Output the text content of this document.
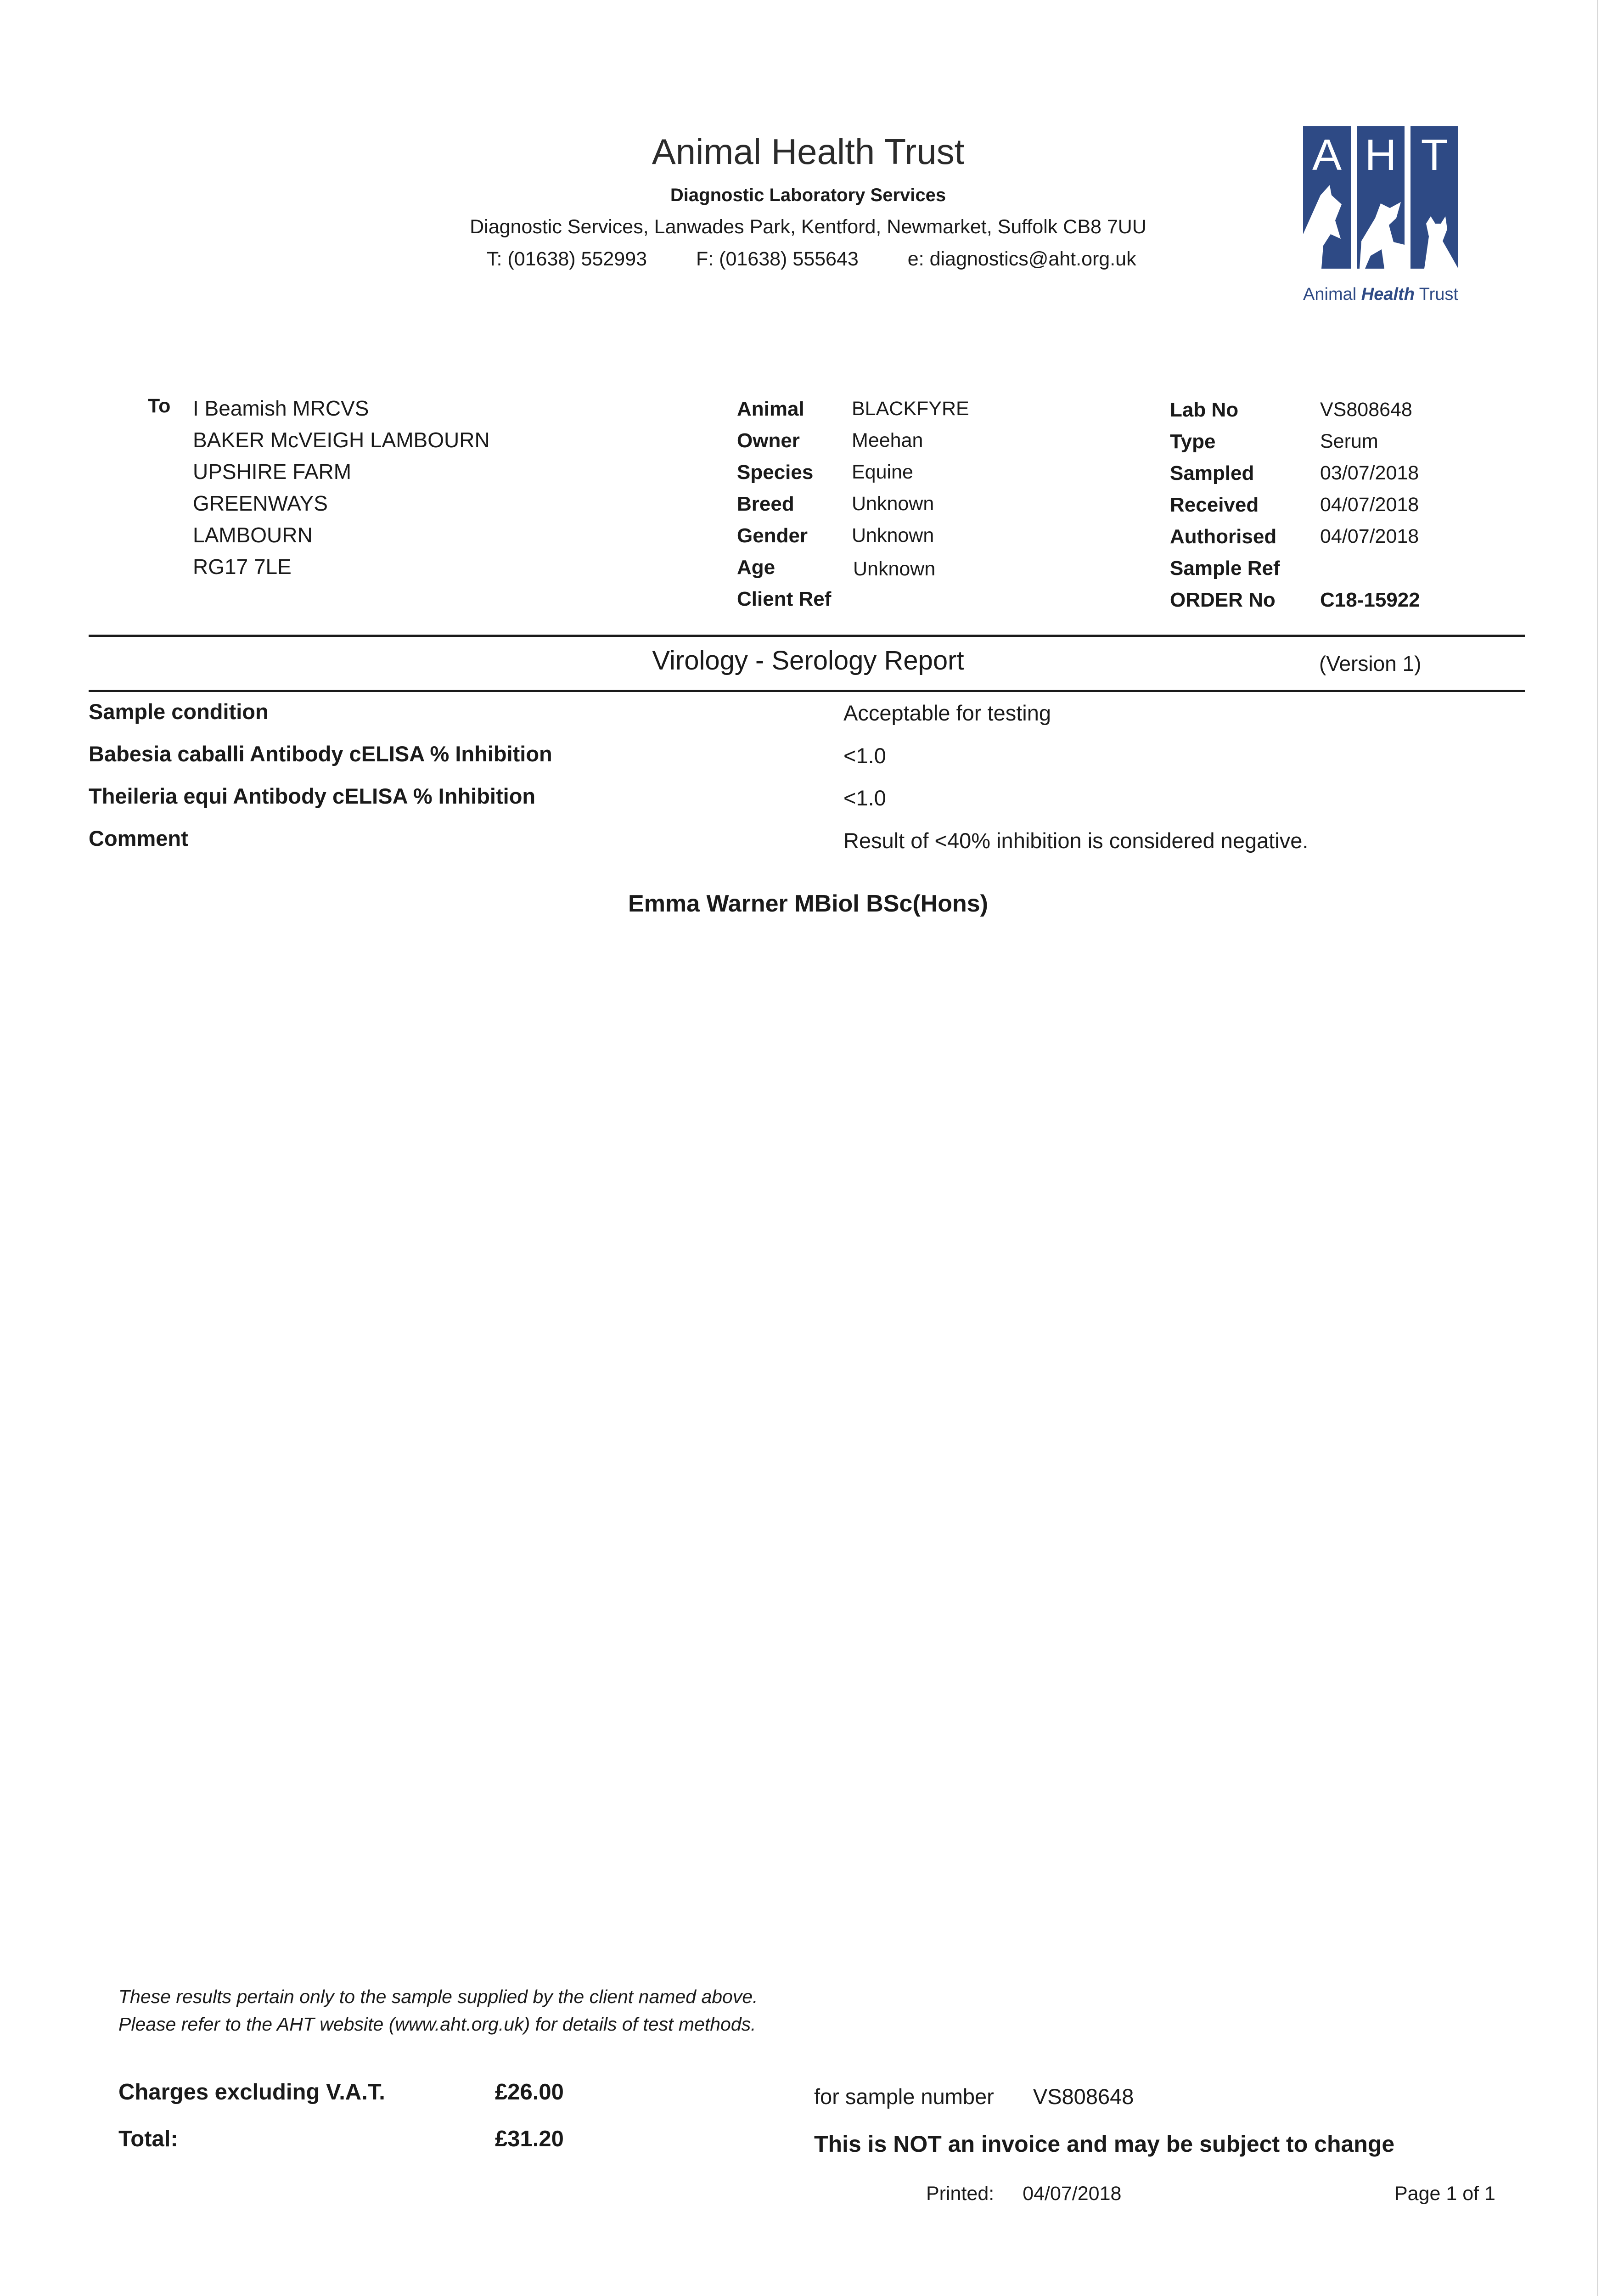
Animal Health Trust
Diagnostic Laboratory Services
Diagnostic Services, Lanwades Park, Kentford, Newmarket, Suffolk CB8 7UU
T: (01638) 552993 F: (01638) 555643 e: diagnostics@aht.org.uk
A H T
Animal Health Trust
To I Beamish MRCVS
BAKER McVEIGH LAMBOURN
UPSHIRE FARM
GREENWAYS
LAMBOURN
RG17 7LE
Animal BLACKFYRE
Owner	Meehan
Species Equine
Breed	Unknown
Gender Unknown
Age	Unknown
Client Ref
Lab No	VS808648
Type	Serum
Sampled	03/07/2018
Received	04/07/2018
Authorised 04/07/2018
Sample Ref
ORDER No C18-15922
Virology - Serology Report	(Version 1)
Sample condition	Acceptable for testing
Babesia caballi Antibody cELISA % Inhibition	<1.0
Theileria equi Antibody cELISA % Inhibition	<1.0
Comment	Result of <40% inhibition is considered negative.
Emma Warner MBiol BSc(Hons)
These results pertain only to the sample supplied by the client named above.
Please refer to the AHT website (www.aht.org.uk) for details of test methods.
Charges excluding V.A.T.	£26.00
Total:	£31.20
for sample number VS808648
This is NOT an invoice and may be subject to change
Printed: 04/07/2018	Page 1 of 1
